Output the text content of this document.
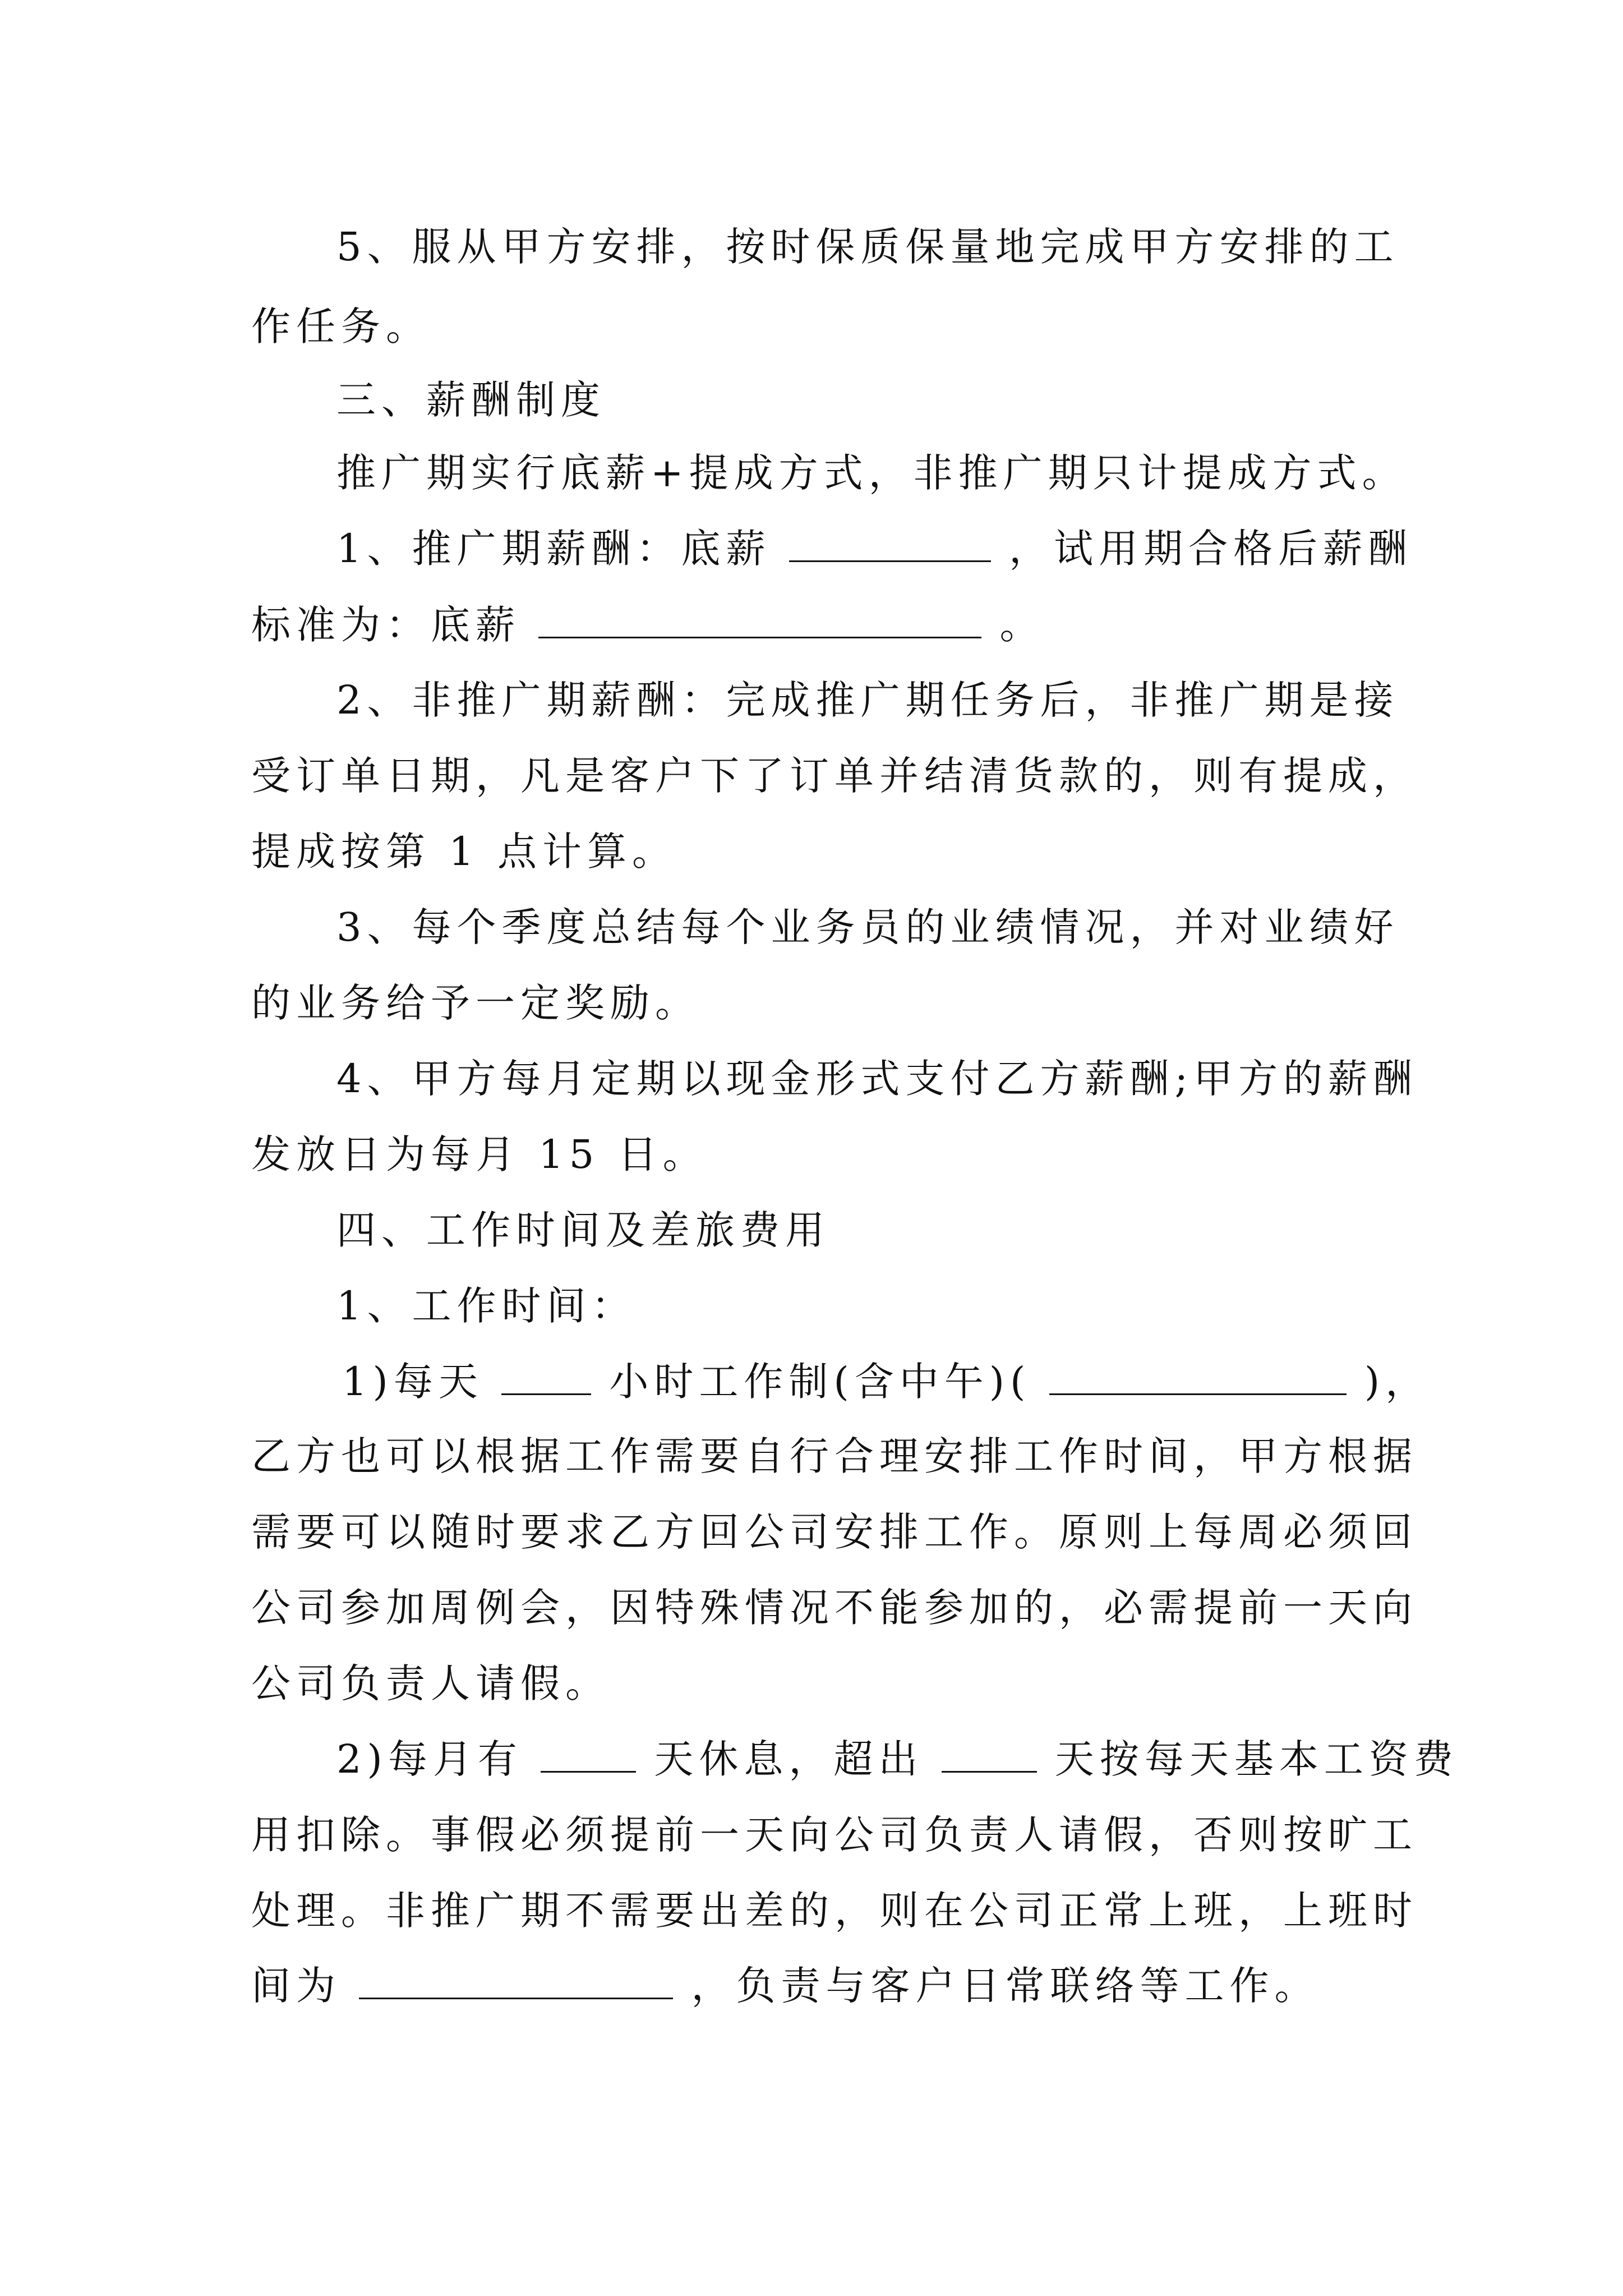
5、服从甲方安排，按时保质保量地完成甲方安排的工
作任务。
三、薪酬制度
推广期实行底薪+提成方式，非推广期只计提成方式。
1、推广期薪酬：底薪	，试用期合格后薪酬
标准为：底薪	。
2、非推广期薪酬：完成推广期任务后，非推广期是接
受订单日期，凡是客户下了订单并结清货款的，则有提成，
提成按第 1 点计算。
3、每个季度总结每个业务员的业绩情况，并对业绩好
的业务给予一定奖励。
4、甲方每月定期以现金形式支付乙方薪酬;甲方的薪酬
发放日为每月 15 日。
四、工作时间及差旅费用
1、工作时间：
1)每天	小时工作制(含中午)(	)，
乙方也可以根据工作需要自行合理安排工作时间，甲方根据
需要可以随时要求乙方回公司安排工作。原则上每周必须回
公司参加周例会，因特殊情况不能参加的，必需提前一天向
公司负责人请假。
2)每月有	天休息，超出	天按每天基本工资费
用扣除。事假必须提前一天向公司负责人请假，否则按旷工
处理。非推广期不需要出差的，则在公司正常上班，上班时
间为	，负责与客户日常联络等工作。
